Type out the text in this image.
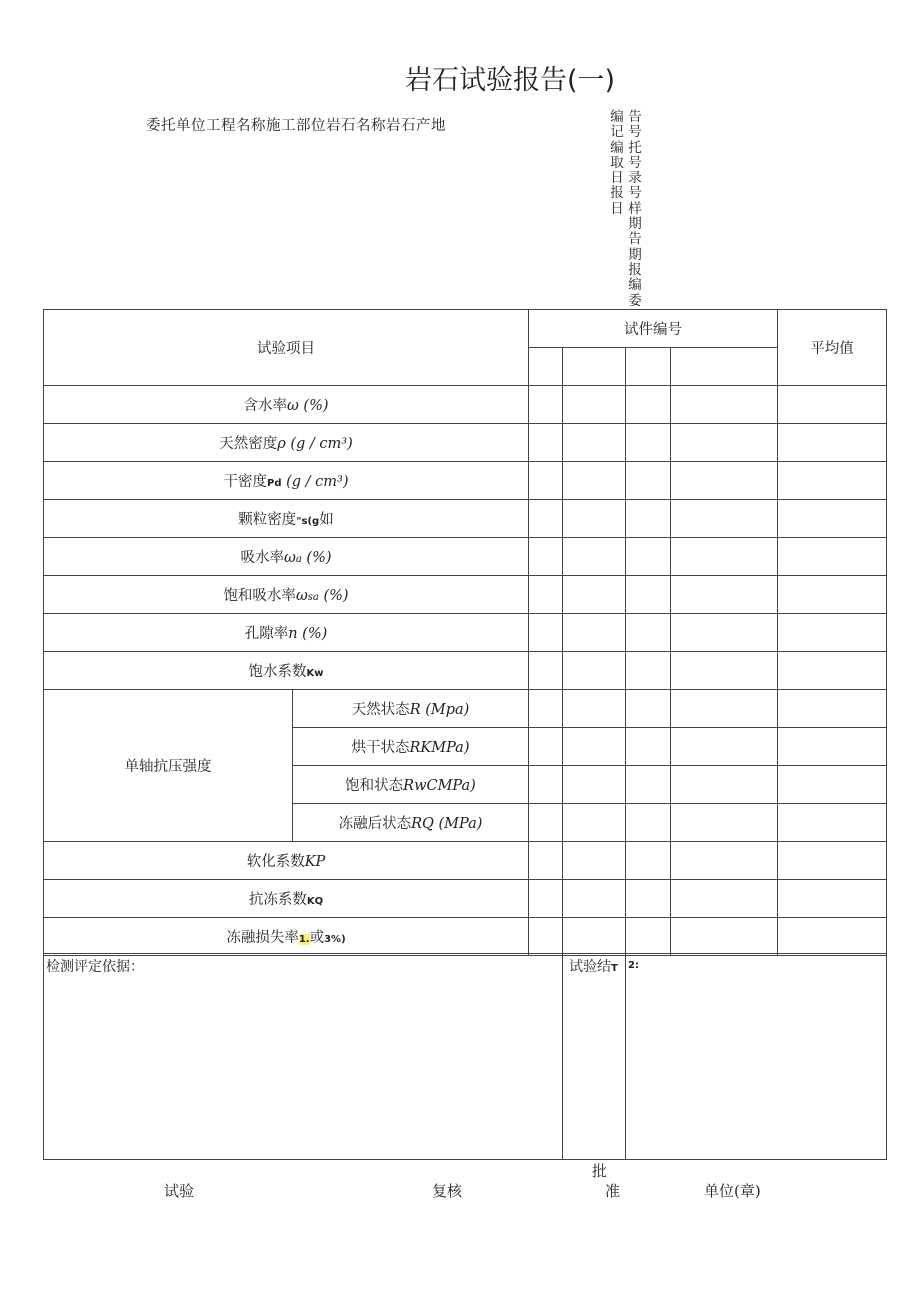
岩石试验报告(一)
委托单位工程名称施工部位岩石名称岩石产地
编记编取日报日
告号托号录号样期告期报编委
试验项目		试件编号				平均值

含水率ω (%)						
天然密度ρ (g / cm³)						
干密度Pd (g / cm³)						
颗粒密度"s(g如						
吸水率ωa (%)						
饱和吸水率ωsa (%)						
孔隙率n (%)						
饱水系数Kw						
单轴抗压强度	天然状态R (Mpa)					
	烘干状态RKMPa)					
	饱和状态RwCMPa)					
	冻融后状态RQ (MPa)					
软化系数KP						
抗冻系数KQ						
冻融损失率1.或3%)						
检测评定依据：	试验结T	2:
试验	复核
批
准	单位(章)
